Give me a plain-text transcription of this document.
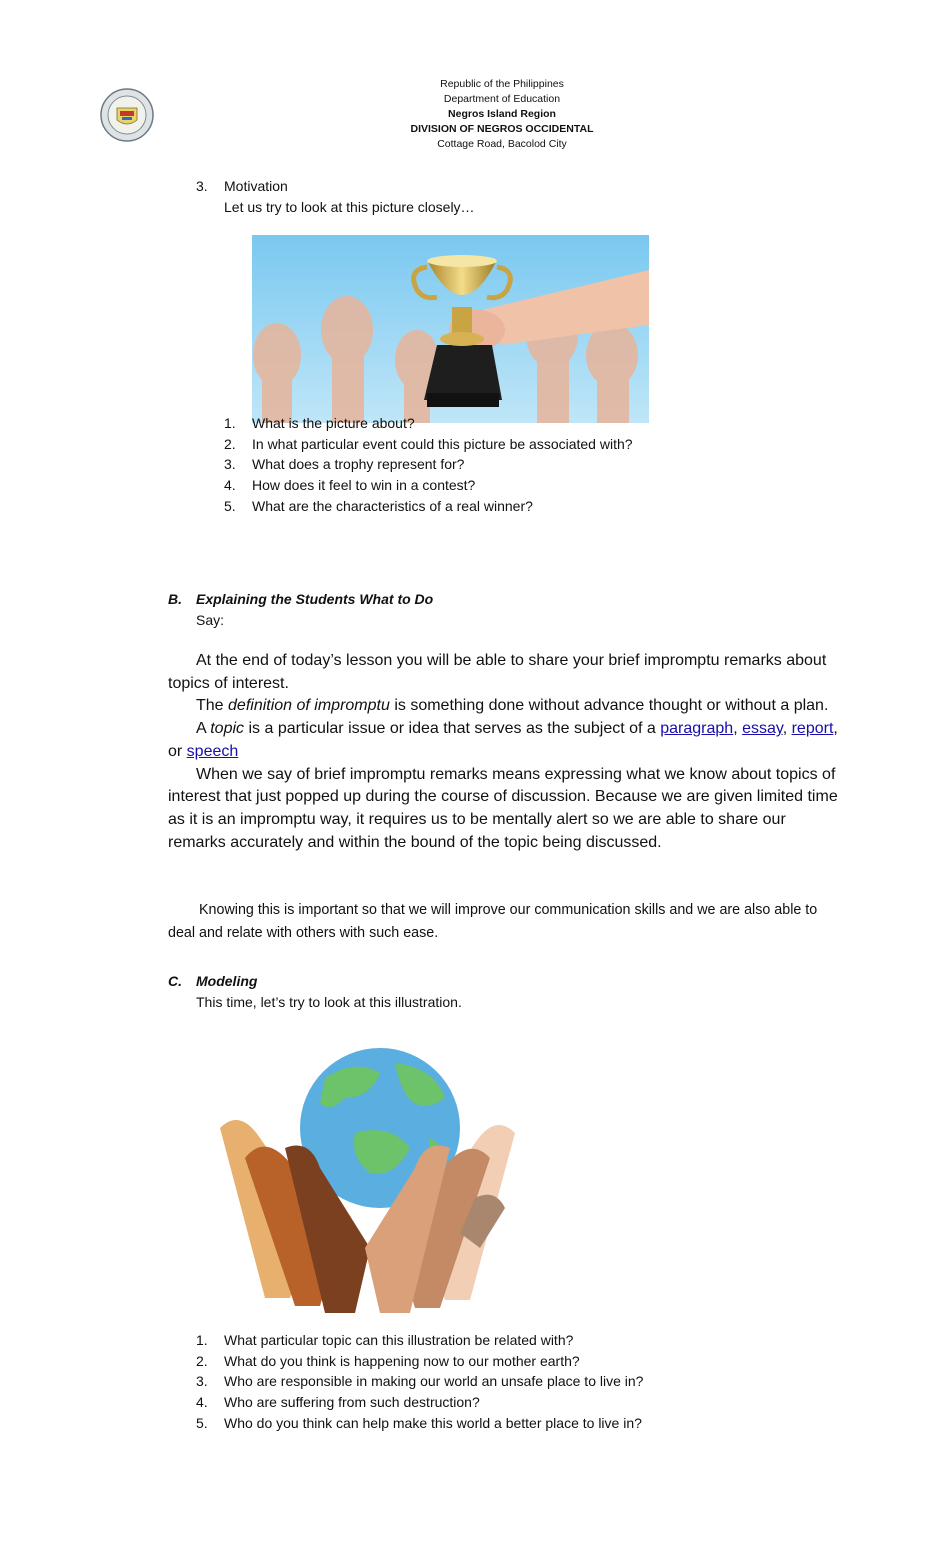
Republic of the Philippines
Department of Education
Negros Island Region
DIVISION OF NEGROS OCCIDENTAL
Cottage Road, Bacolod City
3. Motivation
Let us try to look at this picture closely…
1. What is the picture about?
2. In what particular event could this picture be associated with?
3. What does a trophy represent for?
4. How does it feel to win in a contest?
5. What are the characteristics of a real winner?
B. Explaining the Students What to Do
Say:
At the end of today’s lesson you will be able to share your brief impromptu remarks about topics of interest.
The definition of impromptu is something done without advance thought or without a plan.
A topic is a particular issue or idea that serves as the subject of a paragraph, essay, report, or speech
When we say of brief impromptu remarks means expressing what we know about topics of interest that just popped up during the course of discussion. Because we are given limited time as it is an impromptu way, it requires us to be mentally alert so we are able to share our remarks accurately and within the bound of the topic being discussed.
Knowing this is important so that we will improve our communication skills and we are also able to deal and relate with others with such ease.
C. Modeling
This time, let’s try to look at this illustration.
1. What particular topic can this illustration be related with?
2. What do you think is happening now to our mother earth?
3. Who are responsible in making our world an unsafe place to live in?
4. Who are suffering from such destruction?
5. Who do you think can help make this world a better place to live in?
